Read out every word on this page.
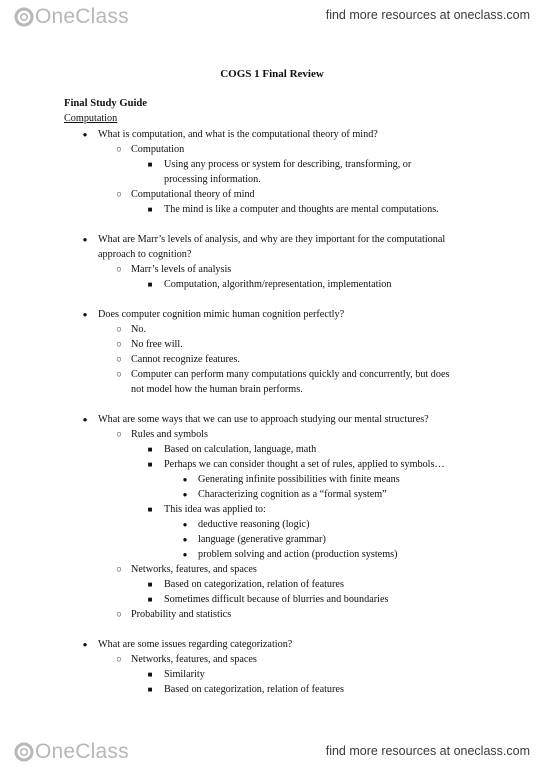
OneClass	find more resources at oneclass.com
COGS 1 Final Review
Final Study Guide
Computation
● What is computation, and what is the computational theory of mind?
○ Computation
■ Using any process or system for describing, transforming, or
processing information.
○ Computational theory of mind
■ The mind is like a computer and thoughts are mental computations.
● What are Marr’s levels of analysis, and why are they important for the computational
approach to cognition?
○ Marr’s levels of analysis
■ Computation, algorithm/representation, implementation
● Does computer cognition mimic human cognition perfectly?
○ No.
○ No free will.
○ Cannot recognize features.
○ Computer can perform many computations quickly and concurrently, but does
not model how the human brain performs.
● What are some ways that we can use to approach studying our mental structures?
○ Rules and symbols
■ Based on calculation, language, math
■ Perhaps we can consider thought a set of rules, applied to symbols…
● Generating infinite possibilities with finite means
● Characterizing cognition as a “formal system”
■ This idea was applied to:
● deductive reasoning (logic)
● language (generative grammar)
● problem solving and action (production systems)
○ Networks, features, and spaces
■ Based on categorization, relation of features
■ Sometimes difficult because of blurries and boundaries
○ Probability and statistics
● What are some issues regarding categorization?
○ Networks, features, and spaces
■ Similarity
■ Based on categorization, relation of features
OneClass	find more resources at oneclass.com
